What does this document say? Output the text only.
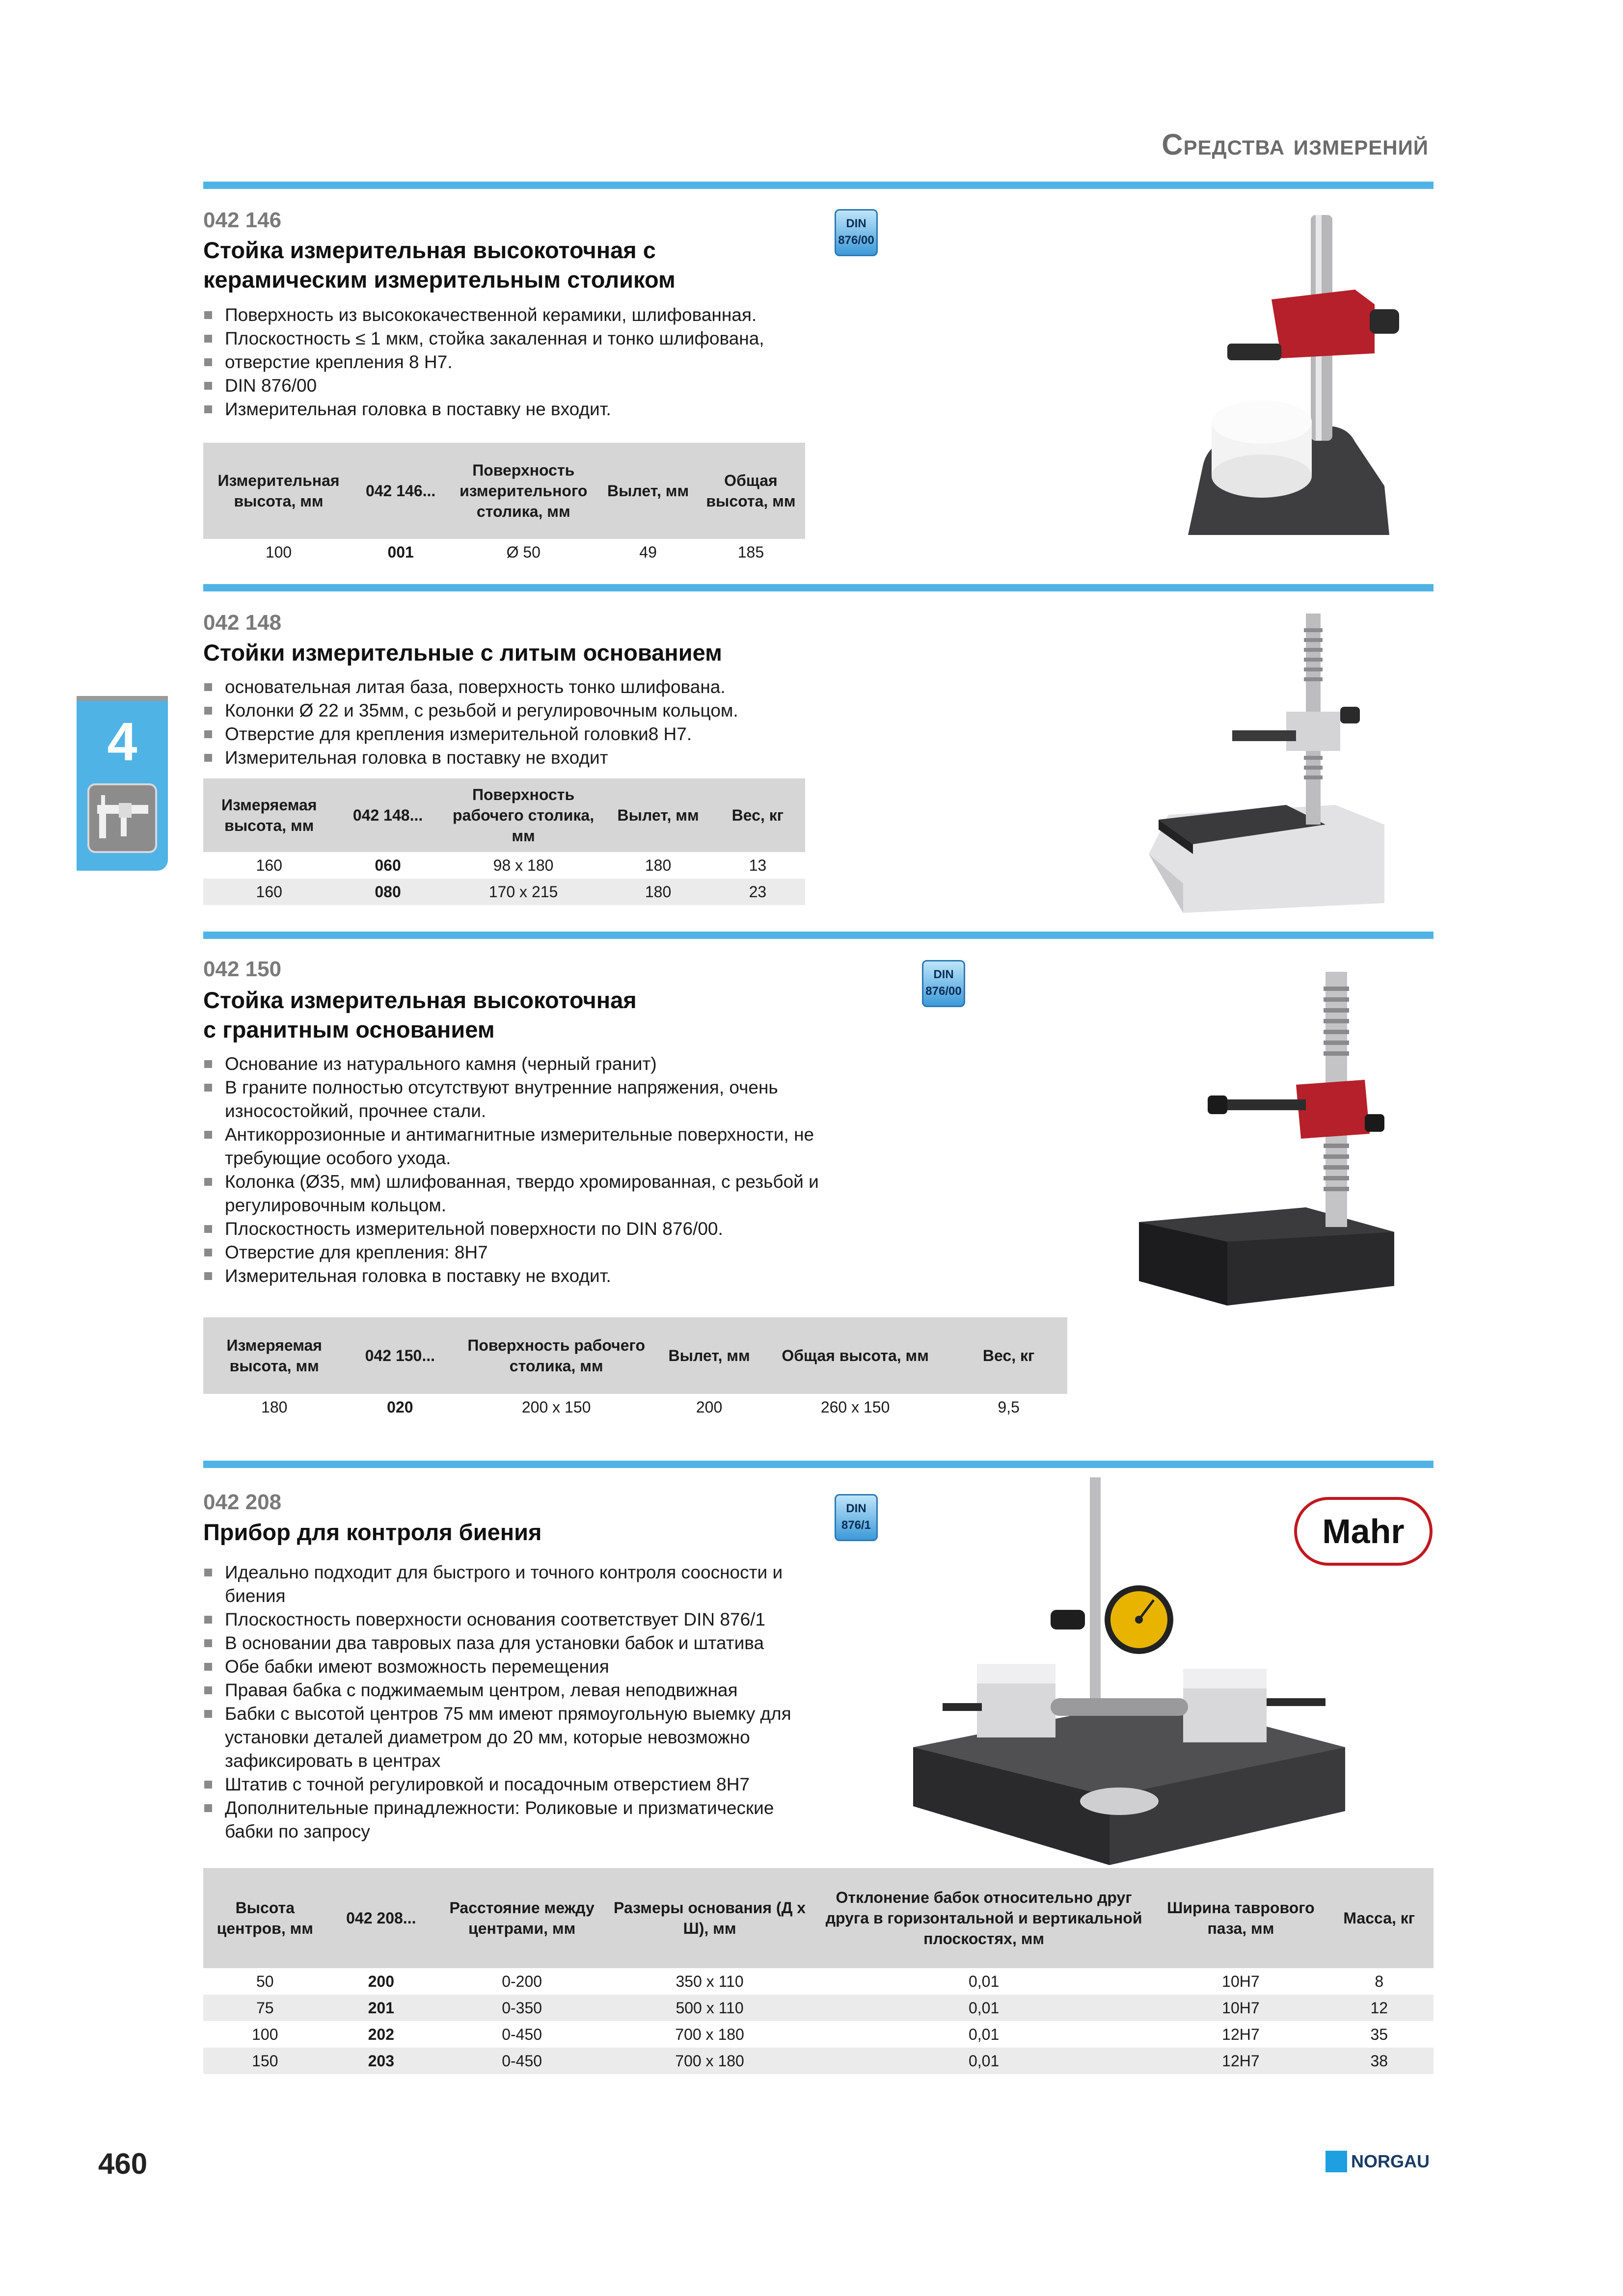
Средства измерений
4
042 146
Стойка измерительная высокоточная с
керамическим измерительным столиком
DIN
876/00
Поверхность из высококачественной керамики, шлифованная.
Плоскостность ≤ 1 мкм, стойка закаленная и тонко шлифована,
отверстие крепления 8 H7.
DIN 876/00
Измерительная головка в поставку не входит.
Измерительная высота, мм	042 146...	Поверхность измерительного столика, мм	Вылет, мм	Общая высота, мм
100	001	Ø 50	49	185
042 148
Стойки измерительные с литым основанием
основательная литая база, поверхность тонко шлифована.
Колонки Ø 22 и 35мм, с резьбой и регулировочным кольцом.
Отверстие для крепления измерительной головки8 H7.
Измерительная головка в поставку не входит
Измеряемая высота, мм	042 148...	Поверхность рабочего столика, мм	Вылет, мм	Вес, кг
160	060	98 x 180	180	13
160	080	170 x 215	180	23
042 150
Стойка измерительная высокоточная
с гранитным основанием
DIN
876/00
Основание из натурального камня (черный гранит)
В граните полностью отсутствуют внутренние напряжения, очень износостойкий, прочнее стали.
Антикоррозионные и антимагнитные измерительные поверхности, не требующие особого ухода.
Колонка (Ø35, мм) шлифованная, твердо хромированная, с резьбой и регулировочным кольцом.
Плоскостность измерительной поверхности по DIN 876/00.
Отверстие для крепления: 8H7
Измерительная головка в поставку не входит.
Измеряемая высота, мм	042 150...	Поверхность рабочего столика, мм	Вылет, мм	Общая высота, мм	Вес, кг
180	020	200 x 150	200	260 x 150	9,5
042 208
Прибор для контроля биения
DIN
876/1	Mahr
Идеально подходит для быстрого и точного контроля соосности и биения
Плоскостность поверхности основания соответствует DIN 876/1
В основании два тавровых паза для установки бабок и штатива
Обе бабки имеют возможность перемещения
Правая бабка с поджимаемым центром, левая неподвижная
Бабки с высотой центров 75 мм имеют прямоугольную выемку для установки деталей диаметром до 20 мм, которые невозможно зафиксировать в центрах
Штатив с точной регулировкой и посадочным отверстием 8H7
Дополнительные принадлежности: Роликовые и призматические бабки по запросу
Высота центров, мм	042 208...	Расстояние между центрами, мм	Размеры основания (Д х Ш), мм	Отклонение бабок относительно друг друга в горизонтальной и вертикальной плоскостях, мм	Ширина таврового паза, мм	Масса, кг
50	200	0-200	350 x 110	0,01	10H7	8
75	201	0-350	500 x 110	0,01	10H7	12
100	202	0-450	700 x 180	0,01	12H7	35
150	203	0-450	700 x 180	0,01	12H7	38
460	NORGAU
